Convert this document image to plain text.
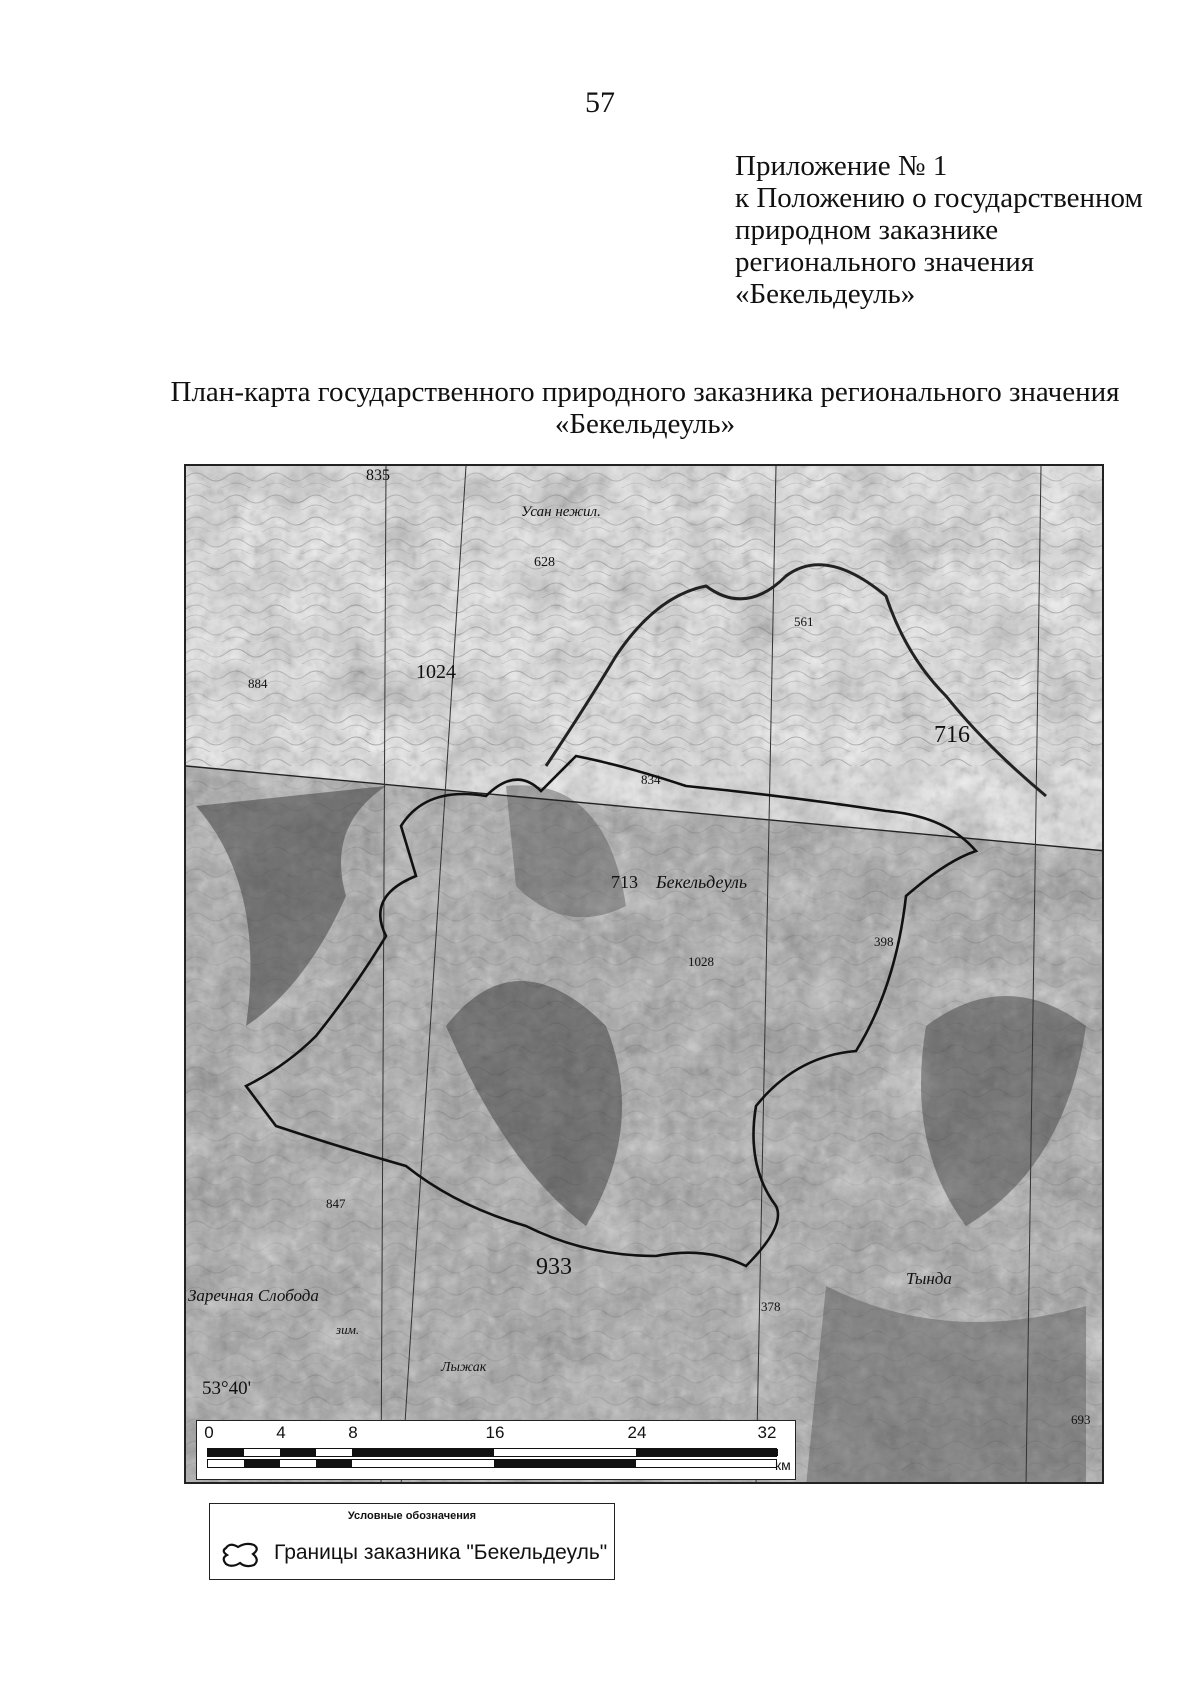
57
Приложение № 1
к Положению о государственном
природном заказнике
регионального значения
«Бекельдеуль»
План-карта государственного природного заказника регионального значения
«Бекельдеуль»
835
Усан нежил.
628
1024
884
561
716
834
713 Бекельдеуль
398
1028
847
933
378
Заречная Слобода
Тында
Лыжак
зим.
53°40'
693
0	4	8	16	24	32
км
Условные обозначения
Границы заказника "Бекельдеуль"
